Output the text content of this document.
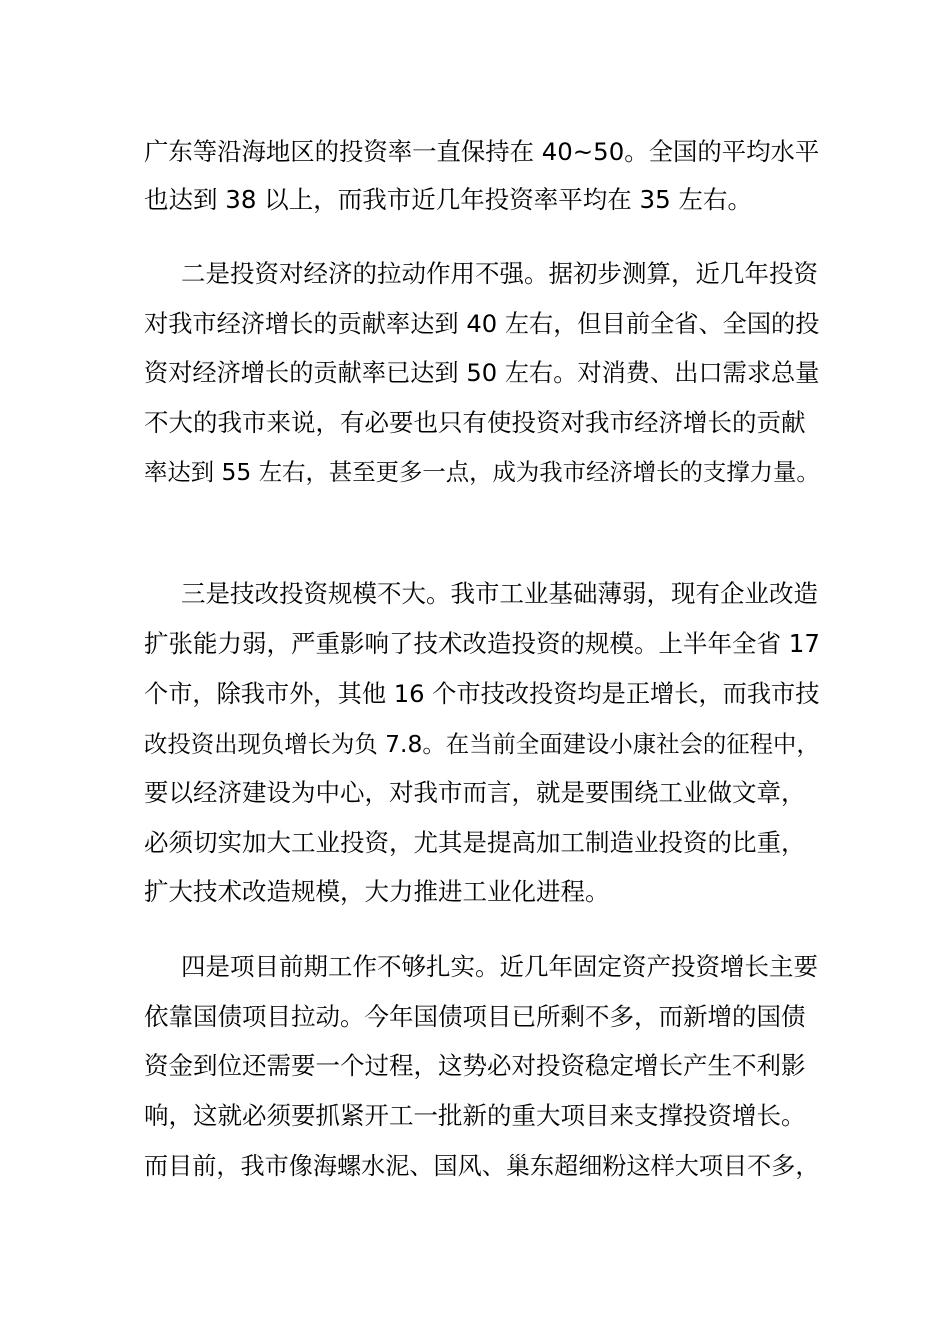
广东等沿海地区的投资率一直保持在 40~50。全国的平均水平
也达到 38 以上，而我市近几年投资率平均在 35 左右。
二是投资对经济的拉动作用不强。据初步测算，近几年投资
对我市经济增长的贡献率达到 40 左右，但目前全省、全国的投
资对经济增长的贡献率已达到 50 左右。对消费、出口需求总量
不大的我市来说，有必要也只有使投资对我市经济增长的贡献
率达到 55 左右，甚至更多一点，成为我市经济增长的支撑力量。
三是技改投资规模不大。我市工业基础薄弱，现有企业改造
扩张能力弱，严重影响了技术改造投资的规模。上半年全省 17
个市，除我市外，其他 16 个市技改投资均是正增长，而我市技
改投资出现负增长为负 7.8。在当前全面建设小康社会的征程中，
要以经济建设为中心，对我市而言，就是要围绕工业做文章，
必须切实加大工业投资，尤其是提高加工制造业投资的比重，
扩大技术改造规模，大力推进工业化进程。
四是项目前期工作不够扎实。近几年固定资产投资增长主要
依靠国债项目拉动。今年国债项目已所剩不多，而新增的国债
资金到位还需要一个过程，这势必对投资稳定增长产生不利影
响，这就必须要抓紧开工一批新的重大项目来支撑投资增长。
而目前，我市像海螺水泥、国风、巢东超细粉这样大项目不多，
